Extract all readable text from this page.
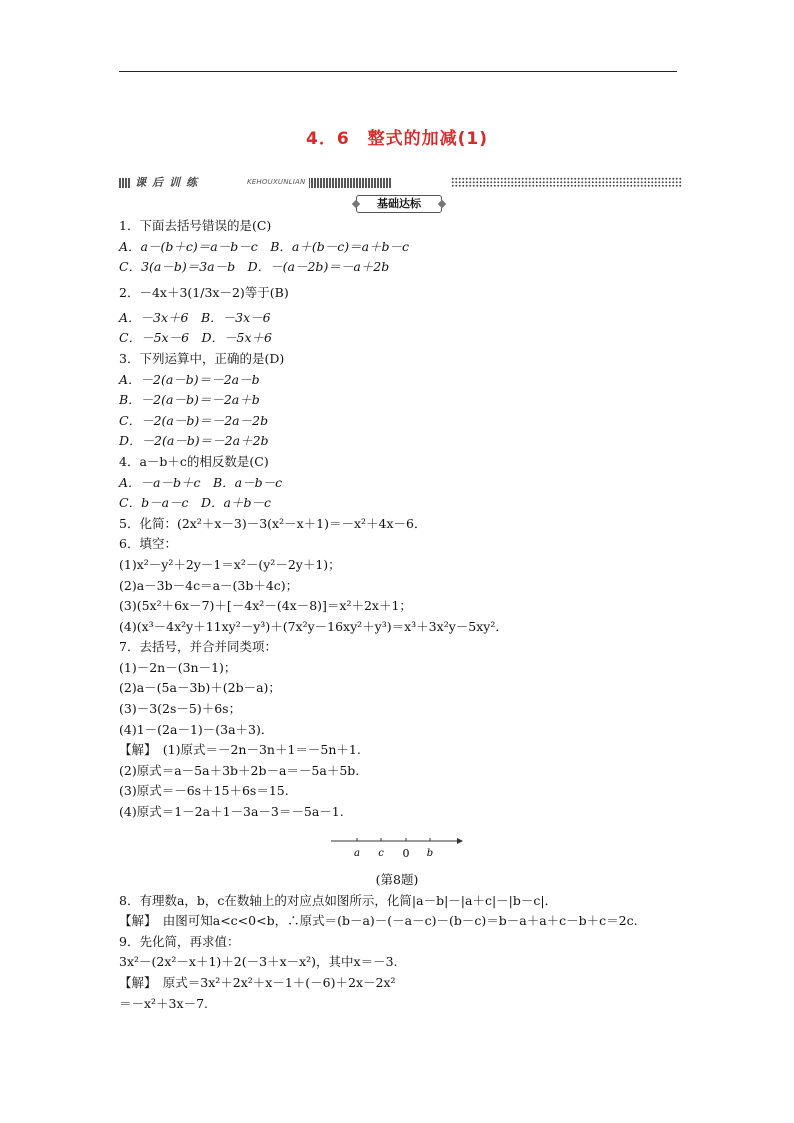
4．6　整式的加减(1)
课后训练	KEHOUXUNLIAN
基础达标
1．下面去括号错误的是(C)
A．a－(b＋c)＝a－b－c　B．a＋(b－c)＝a＋b－c
C．3(a－b)＝3a－b　D．－(a－2b)＝－a＋2b
2．－4x＋3(1/3x－2)等于(B)
A．－3x＋6　B．－3x－6
C．－5x－6　D．－5x＋6
3．下列运算中，正确的是(D)
A．－2(a－b)＝－2a－b
B．－2(a－b)＝－2a＋b
C．－2(a－b)＝－2a－2b
D．－2(a－b)＝－2a＋2b
4．a－b＋c的相反数是(C)
A．－a－b＋c　B．a－b－c
C．b－a－c　D．a＋b－c
5．化简：(2x²＋x－3)－3(x²－x＋1)＝－x²＋4x－6．
6．填空：
(1)x²－y²＋2y－1＝x²－(y²－2y＋1)；
(2)a－3b－4c＝a－(3b＋4c)；
(3)(5x²＋6x－7)＋[－4x²－(4x－8)]＝x²＋2x＋1；
(4)(x³－4x²y＋11xy²－y³)＋(7x²y－16xy²＋y³)＝x³＋3x²y－5xy²．
7．去括号，并合并同类项：
(1)－2n－(3n－1)；
(2)a－(5a－3b)＋(2b－a)；
(3)－3(2s－5)＋6s；
(4)1－(2a－1)－(3a＋3)．
【解】　(1)原式＝－2n－3n＋1＝－5n＋1.
(2)原式＝a－5a＋3b＋2b－a＝－5a＋5b.
(3)原式＝－6s＋15＋6s＝15.
(4)原式＝1－2a＋1－3a－3＝－5a－1.
a c 0 b
(第8题)
8．有理数a，b，c在数轴上的对应点如图所示，化简|a－b|－|a＋c|－|b－c|．
【解】　由图可知a<c<0<b，∴原式＝(b－a)－(－a－c)－(b－c)＝b－a＋a＋c－b＋c＝2c.
9．先化简，再求值：
3x²－(2x²－x＋1)＋2(－3＋x－x²)，其中x＝－3.
【解】　原式＝3x²＋2x²＋x－1＋(－6)＋2x－2x²
＝－x²＋3x－7.
